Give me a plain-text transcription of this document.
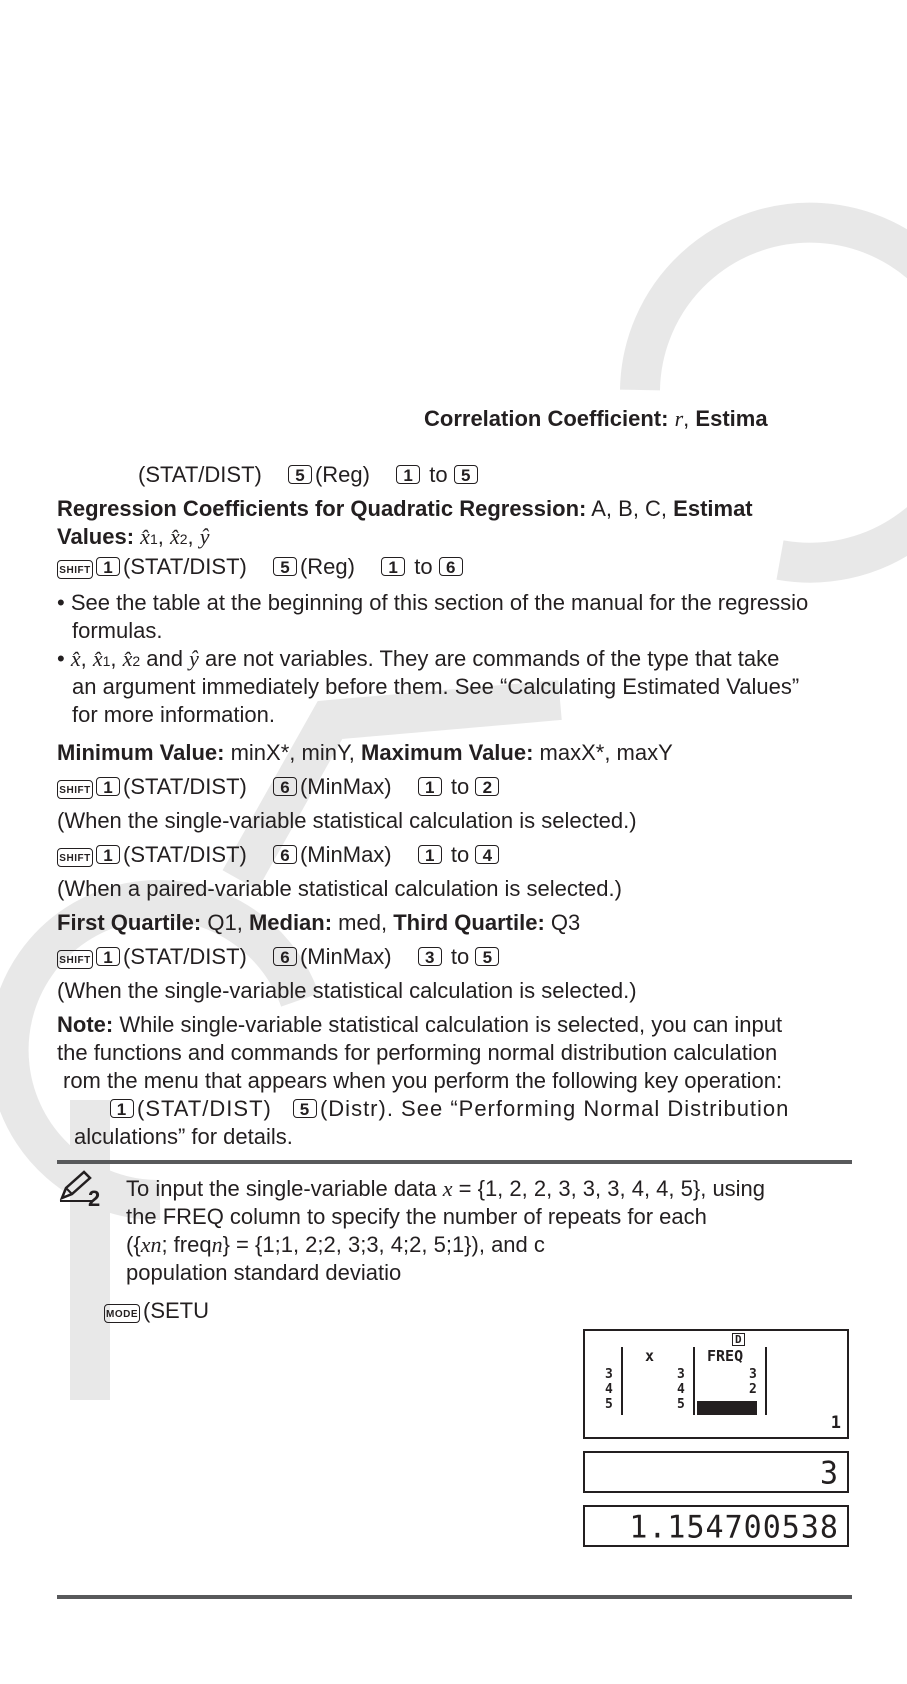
Correlation Coefficient: r, Estima
(STAT/DIST) 5 (Reg) 1 to 5
Regression Coefficients for Quadratic Regression: A, B, C, Estimat
Values: x̂1, x̂2, ŷ
SHIFT 1 (STAT/DIST) 5 (Reg) 1 to 6
• See the table at the beginning of this section of the manual for the regressio
formulas.
• x̂, x̂1, x̂2 and ŷ are not variables. They are commands of the type that take
an argument immediately before them. See “Calculating Estimated Values”
for more information.
Minimum Value: minX*, minY, Maximum Value: maxX*, maxY
SHIFT 1 (STAT/DIST) 6 (MinMax) 1 to 2
(When the single-variable statistical calculation is selected.)
SHIFT 1 (STAT/DIST) 6 (MinMax) 1 to 4
(When a paired-variable statistical calculation is selected.)
First Quartile: Q1, Median: med, Third Quartile: Q3
SHIFT 1 (STAT/DIST) 6 (MinMax) 3 to 5
(When the single-variable statistical calculation is selected.)
Note: While single-variable statistical calculation is selected, you can input
the functions and commands for performing normal distribution calculation
rom the menu that appears when you perform the following key operation:
1 (STAT/DIST) 5 (Distr). See “Performing Normal Distribution
alculations” for details.
2 To input the single-variable data x = {1, 2, 2, 3, 3, 3, 4, 4, 5}, using
the FREQ column to specify the number of repeats for each
({xn; freqn} = {1;1, 2;2, 3;3, 4;2, 5;1}), and c
population standard deviatio
MODE (SETU
D
x	FREQ
3
4
5
3
4
5
3
2
1
3
1.154700538
